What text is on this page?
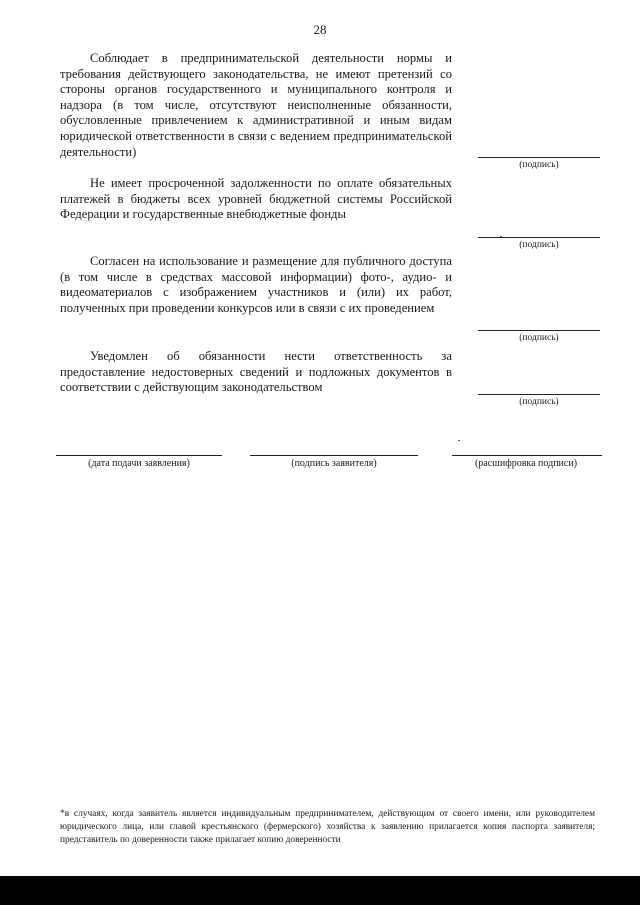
28

Соблюдает в предпринимательской деятельности нормы и требования действующего законодательства, не имеют претензий со стороны органов государственного и муниципального контроля и надзора (в том числе, отсутствуют неисполненные обязанности, обусловленные привлечением к административной и иным видам юридической ответственности в связи с ведением предпринимательской деятельности)

(подпись)

Не имеет просроченной задолженности по оплате обязательных платежей в бюджеты всех уровней бюджетной системы Российской Федерации и государственные внебюджетные фонды

(подпись)

Согласен на использование и размещение для публичного доступа (в том числе в средствах массовой информации) фото-, аудио- и видеоматериалов с изображением участников и (или) их работ, полученных при проведении конкурсов или в связи с их проведением

(подпись)

Уведомлен об обязанности нести ответственность за предоставление недостоверных сведений и подложных документов в соответствии с действующим законодательством

(подпись)
(дата подачи заявления)	(подпись заявителя)	(расшифровка подписи)

*в случаях, когда заявитель является индивидуальным предпринимателем, действующим от своего имени, или руководителем юридического лица, или главой крестьянского (фермерского) хозяйства к заявлению прилагается копия паспорта заявителя; представитель по доверенности также прилагает копию доверенности
